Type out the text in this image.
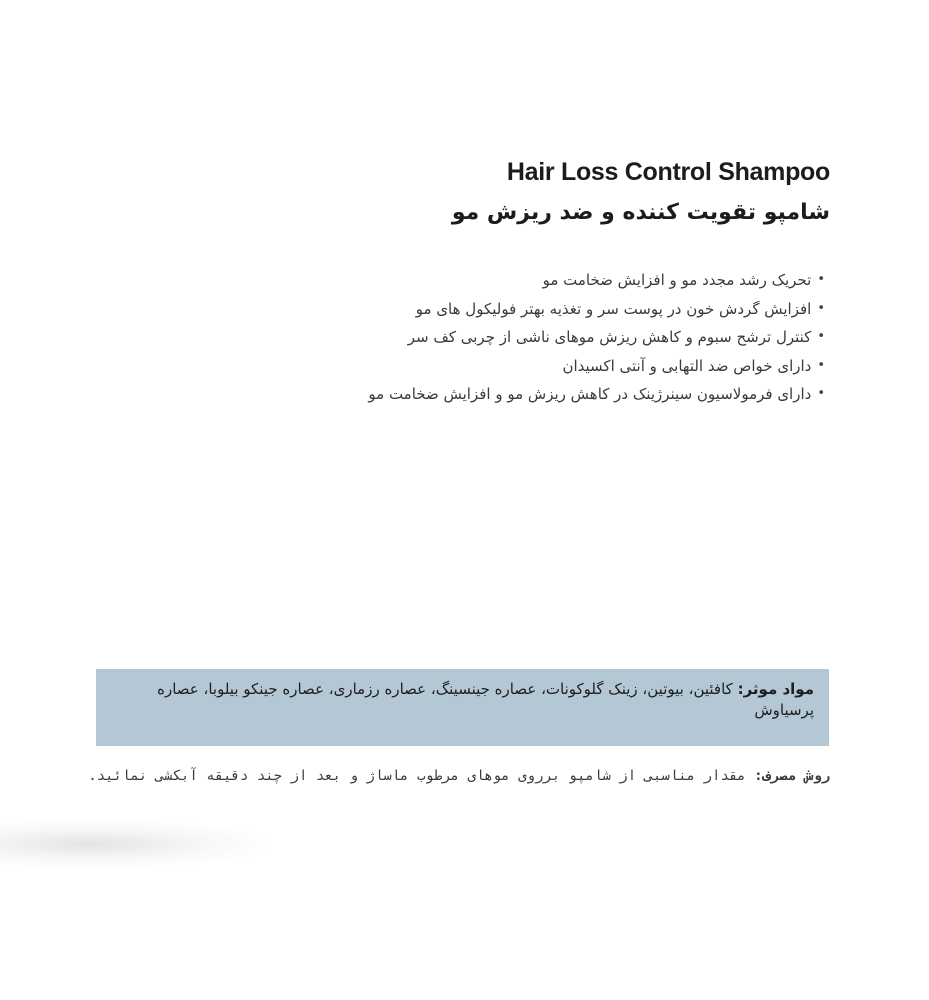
Hair Loss Control Shampoo
شامپو تقویت کننده و ضد ریزش مو
•
تحریک رشد مجدد مو و افزایش ضخامت مو
•
افزایش گردش خون در پوست سر و تغذیه بهتر فولیکول های مو
•
کنترل ترشح سبوم و کاهش ریزش موهای ناشی از چربی کف سر
•
دارای خواص ضد التهابی و آنتی اکسیدان
•
دارای فرمولاسیون سینرژینک در کاهش ریزش مو و افزایش ضخامت مو
مواد موثر: کافئین، بیوتین، زینک گلوکونات، عصاره جینسینگ، عصاره رزماری، عصاره جینکو بیلوبا، عصاره پرسیاوش
روش مصرف: مقدار مناسبی از شامپو برروی موهای مرطوب ماساژ و بعد از چند دقیقه آبکشی نمائید.
